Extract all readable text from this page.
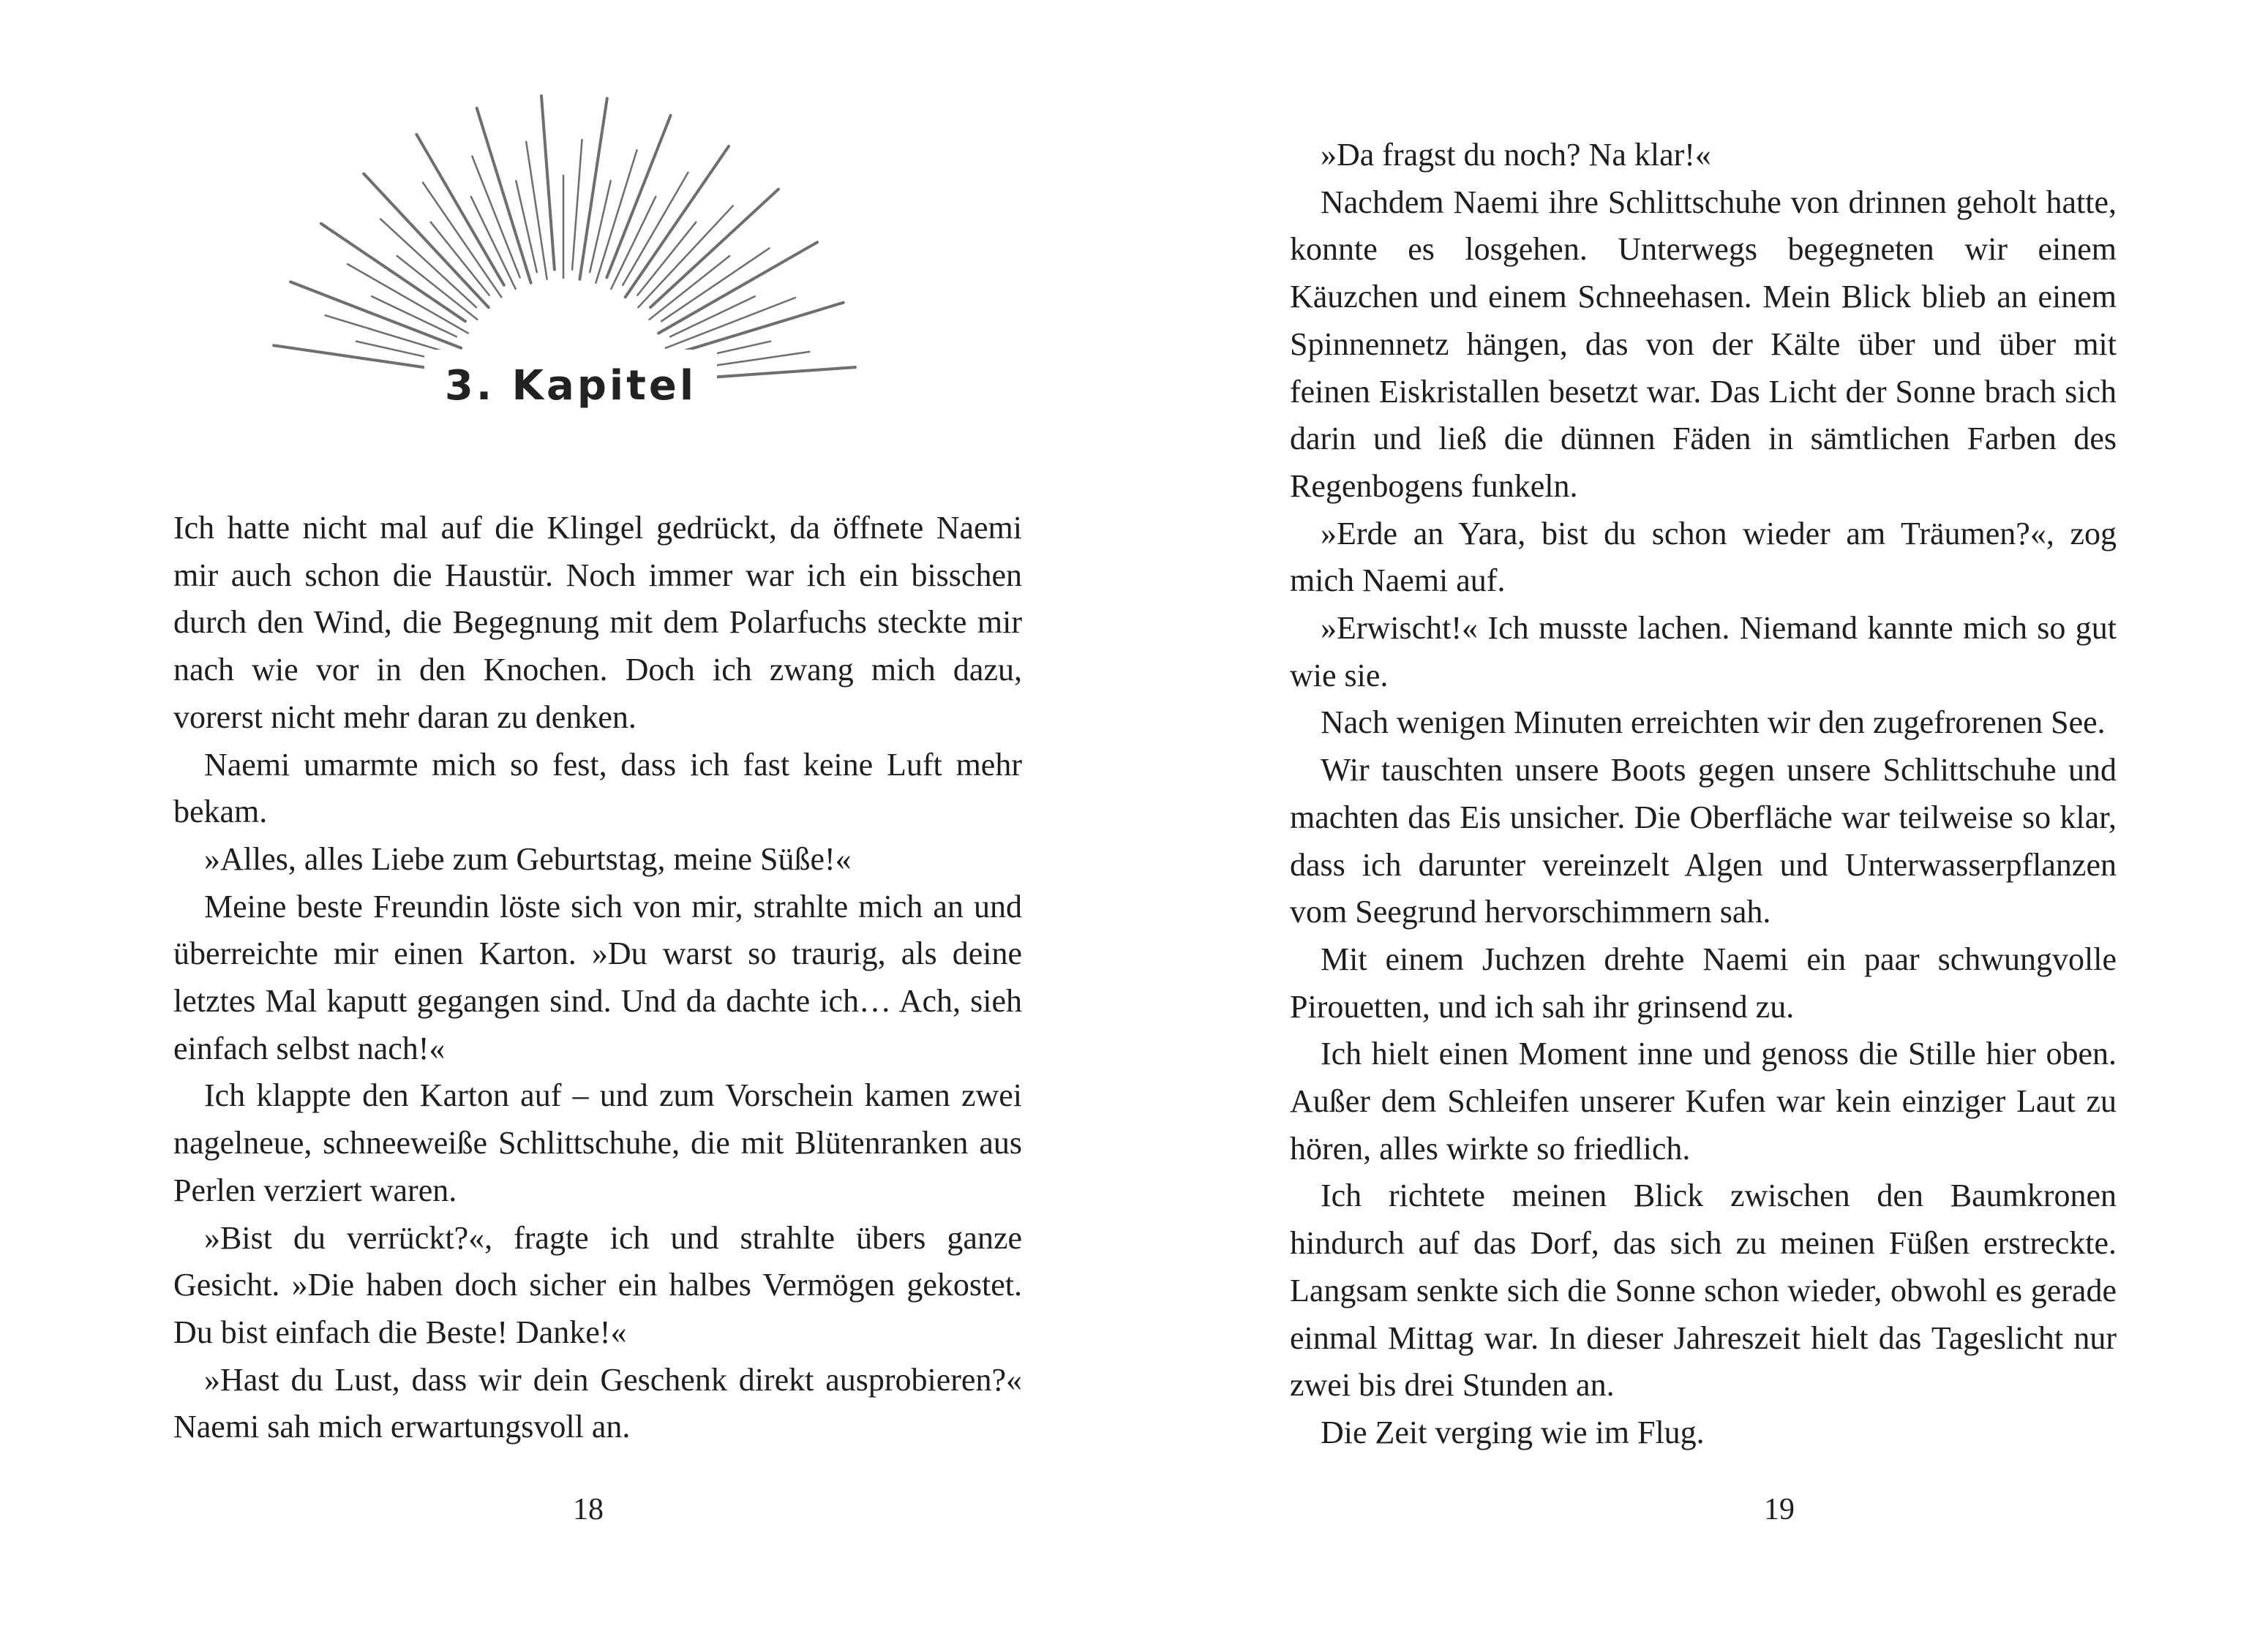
3. Kapitel

Ich hatte nicht mal auf die Klingel gedrückt, da öffnete Naemi mir auch schon die Haustür. Noch immer war ich ein bisschen durch den Wind, die Begegnung mit dem Polarfuchs steckte mir nach wie vor in den Knochen. Doch ich zwang mich dazu, vorerst nicht mehr daran zu denken.

Naemi umarmte mich so fest, dass ich fast keine Luft mehr bekam.

»Alles, alles Liebe zum Geburtstag, meine Süße!«

Meine beste Freundin löste sich von mir, strahlte mich an und überreichte mir einen Karton. »Du warst so traurig, als deine letztes Mal kaputt gegangen sind. Und da dachte ich… Ach, sieh einfach selbst nach!«

Ich klappte den Karton auf – und zum Vorschein kamen zwei nagelneue, schneeweiße Schlittschuhe, die mit Blütenranken aus Perlen verziert waren.

»Bist du verrückt?«, fragte ich und strahlte übers ganze Gesicht. »Die haben doch sicher ein halbes Vermögen gekostet. Du bist einfach die Beste! Danke!«

»Hast du Lust, dass wir dein Geschenk direkt ausprobieren?« Naemi sah mich erwartungsvoll an.

18

»Da fragst du noch? Na klar!«

Nachdem Naemi ihre Schlittschuhe von drinnen geholt hatte, konnte es losgehen. Unterwegs begegneten wir einem Käuzchen und einem Schneehasen. Mein Blick blieb an einem Spinnennetz hängen, das von der Kälte über und über mit feinen Eiskristallen besetzt war. Das Licht der Sonne brach sich darin und ließ die dünnen Fäden in sämtlichen Farben des Regenbogens funkeln.

»Erde an Yara, bist du schon wieder am Träumen?«, zog mich Naemi auf.

»Erwischt!« Ich musste lachen. Niemand kannte mich so gut wie sie.

Nach wenigen Minuten erreichten wir den zugefrorenen See.

Wir tauschten unsere Boots gegen unsere Schlittschuhe und machten das Eis unsicher. Die Oberfläche war teilweise so klar, dass ich darunter vereinzelt Algen und Unterwasserpflanzen vom Seegrund hervorschimmern sah.

Mit einem Juchzen drehte Naemi ein paar schwungvolle Pirouetten, und ich sah ihr grinsend zu.

Ich hielt einen Moment inne und genoss die Stille hier oben. Außer dem Schleifen unserer Kufen war kein einziger Laut zu hören, alles wirkte so friedlich.

Ich richtete meinen Blick zwischen den Baumkronen hindurch auf das Dorf, das sich zu meinen Füßen erstreckte. Langsam senkte sich die Sonne schon wieder, obwohl es gerade einmal Mittag war. In dieser Jahreszeit hielt das Tageslicht nur zwei bis drei Stunden an.

Die Zeit verging wie im Flug.

19
